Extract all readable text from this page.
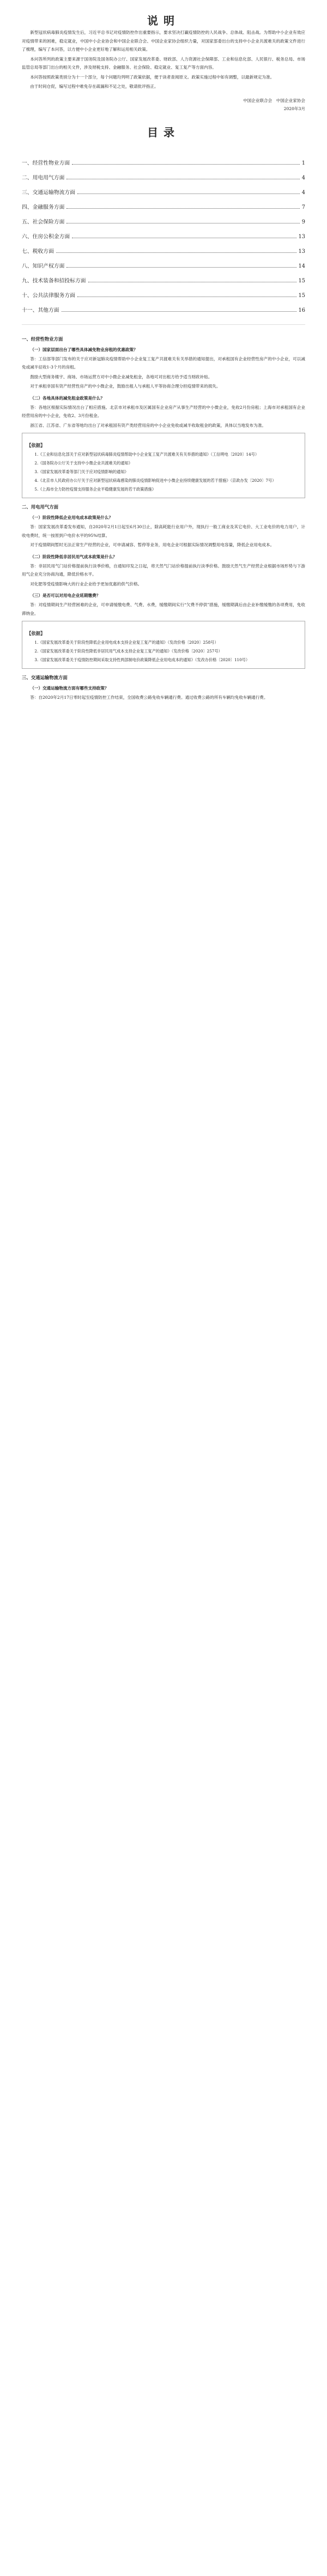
说明

新型冠状病毒肺炎疫情发生后，习近平总书记对疫情防控作出重要指示，要求坚决打赢疫情防控的人民战争、总体战、阻击战。为帮助中小企业有效应对疫情带来的困难，稳定就业，中国中小企业协会和中国企业联合会、中国企业家协会组织力量，对国家部委出台的支持中小企业共渡难关的政策文件进行了梳理，编写了本问答，以方便中小企业更好地了解和运用相关政策。

本问答所列的政策主要来源于国务院及国务院办公厅、国家发展改革委、财政部、人力资源社会保障部、工业和信息化部、人民银行、税务总局、市场监管总局等部门出台的相关文件，涉及财税支持、金融服务、社会保险、稳定就业、复工复产等方面内容。

本问答按照政策类别分为十一个部分，每个问题均列明了政策依据，便于读者查阅原文。政策实施过程中如有调整，以最新规定为准。

由于时间仓促，编写过程中难免存在疏漏和不足之处，敬请批评指正。

中国企业联合会　中国企业家协会
2020年3月
目录
一、经营性物业方面	1
二、用电用气方面	4
三、交通运输物流方面	4
四、金融服务方面	7
五、社会保险方面	9
六、住房公积金方面	13
七、税收方面	13
八、知识产权方面	14
九、技术装备和招投标方面	15
十、公共法律服务方面	15
十一、其他方面	16
一、经营性物业方面
（一）国家层面出台了哪些具体减免物业房租的优惠政策？

答：工信部等部门发布的关于应对新冠肺炎疫情帮助中小企业复工复产共渡难关有关举措的通知提出，对承租国有企业经营性房产的中小企业，可以减免或减半征收1-3个月的房租。

鼓励大型商务楼宇、商场、市场运营方对中小微企业减免租金，各地可对出租方给予适当财政补贴。

对于承租非国有资产经营性房产的中小微企业，鼓励出租人与承租人平等协商合理分担疫情带来的损失。

（二）各地具体的减免租金政策是什么？

答：各地区根据实际情况出台了相应措施。北京市对承租市及区属国有企业房产从事生产经营的中小微企业，免收2月份房租；上海市对承租国有企业经营用房的中小企业，免收2、3月份租金。

浙江省、江苏省、广东省等地均出台了对承租国有资产类经营用房的中小企业免收或减半收取租金的政策，具体以当地发布为准。

【依据】

1.《工业和信息化部关于应对新型冠状病毒肺炎疫情帮助中小企业复工复产共渡难关有关举措的通知》（工信明电〔2020〕14号）

2.《国务院办公厅关于支持中小微企业共渡难关的通知》

3.《国家发展改革委等部门关于应对疫情影响的通知》

4.《北京市人民政府办公厅关于应对新型冠状病毒感染的肺炎疫情影响促进中小微企业持续健康发展的若干措施》（京政办发〔2020〕7号）

5.《上海市全力防控疫情支持服务企业平稳健康发展的若干政策措施》

二、用电用气方面
（一）阶段性降低企业用电成本政策是什么？

答：国家发展改革委发布通知，自2020年2月1日起至6月30日止，除高耗能行业用户外，现执行一般工商业及其它电价、大工业电价的电力用户，计收电费时，统一按原到户电价水平的95%结算。

对于疫情期间暂时无法正常生产经营的企业，可申请减容、暂停等业务，用电企业可根据实际情况调整用电容量，降低企业用电成本。

（二）阶段性降低非居民用气成本政策是什么？

答：非居民用气门站价格提前执行淡季价格，自通知印发之日起，将天然气门站价格提前执行淡季价格。鼓励天然气生产经营企业根据市场形势与下游用气企业充分协商沟通，降低价格水平。

对化肥等受疫情影响大的行业企业给予更加优惠的供气价格。

（三）是否可以对用电企业延期缴费？

答：对疫情期间生产经营困难的企业，可申请缓缴电费、气费、水费，缓缴期间实行“欠费不停供”措施，缓缴期满后由企业补缴缓缴的各项费用，免收滞纳金。

【依据】

1.《国家发展改革委关于阶段性降低企业用电成本支持企业复工复产的通知》（发改价格〔2020〕258号）

2.《国家发展改革委关于阶段性降低非居民用气成本支持企业复工复产的通知》（发改价格〔2020〕257号）

3.《国家发展改革委关于疫情防控期间采取支持性两部制电价政策降低企业用电成本的通知》（发改办价格〔2020〕110号）

三、交通运输物流方面
（一）交通运输物流方面有哪些支持政策？

答：自2020年2月17日零时起至疫情防控工作结束，全国收费公路免收车辆通行费。通过收费公路的所有车辆均免收车辆通行费。
